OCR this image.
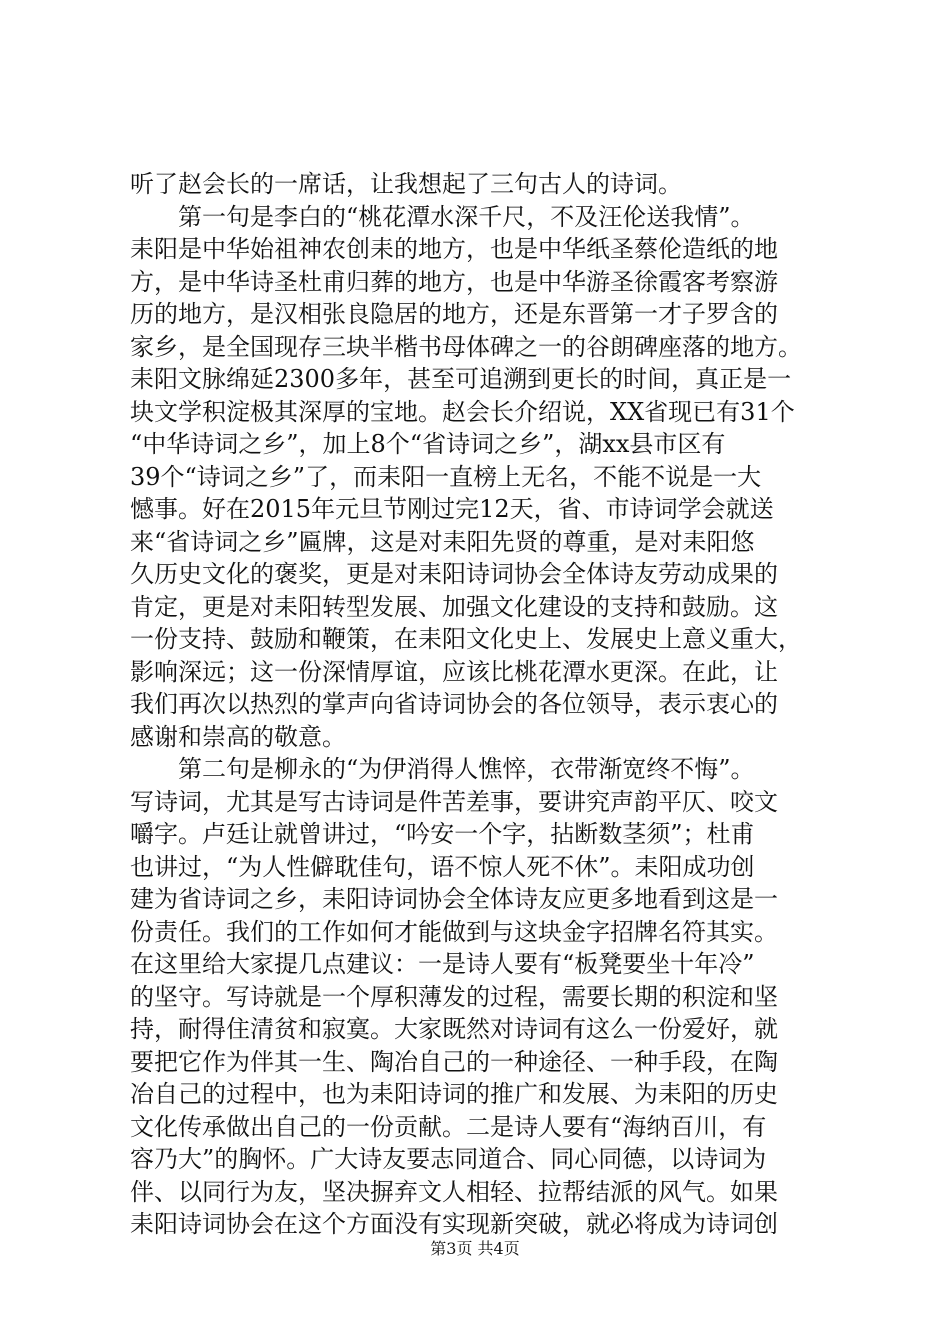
听了赵会长的一席话，让我想起了三句古人的诗词。
　　第一句是李白的“桃花潭水深千尺，不及汪伦送我情”。
耒阳是中华始祖神农创耒的地方，也是中华纸圣蔡伦造纸的地
方，是中华诗圣杜甫归葬的地方，也是中华游圣徐霞客考察游
历的地方，是汉相张良隐居的地方，还是东晋第一才子罗含的
家乡，是全国现存三块半楷书母体碑之一的谷朗碑座落的地方。
耒阳文脉绵延2300多年，甚至可追溯到更长的时间，真正是一
块文学积淀极其深厚的宝地。赵会长介绍说，XX省现已有31个
“中华诗词之乡”，加上8个“省诗词之乡”，湖xx县市区有
39个“诗词之乡”了，而耒阳一直榜上无名，不能不说是一大
憾事。好在2015年元旦节刚过完12天，省、市诗词学会就送
来“省诗词之乡”匾牌，这是对耒阳先贤的尊重，是对耒阳悠
久历史文化的褒奖，更是对耒阳诗词协会全体诗友劳动成果的
肯定，更是对耒阳转型发展、加强文化建设的支持和鼓励。这
一份支持、鼓励和鞭策，在耒阳文化史上、发展史上意义重大，
影响深远；这一份深情厚谊，应该比桃花潭水更深。在此，让
我们再次以热烈的掌声向省诗词协会的各位领导，表示衷心的
感谢和崇高的敬意。
　　第二句是柳永的“为伊消得人憔悴，衣带渐宽终不悔”。
写诗词，尤其是写古诗词是件苦差事，要讲究声韵平仄、咬文
嚼字。卢廷让就曾讲过，“吟安一个字，拈断数茎须”；杜甫
也讲过，“为人性僻耽佳句，语不惊人死不休”。耒阳成功创
建为省诗词之乡，耒阳诗词协会全体诗友应更多地看到这是一
份责任。我们的工作如何才能做到与这块金字招牌名符其实。
在这里给大家提几点建议：一是诗人要有“板凳要坐十年冷”
的坚守。写诗就是一个厚积薄发的过程，需要长期的积淀和坚
持，耐得住清贫和寂寞。大家既然对诗词有这么一份爱好，就
要把它作为伴其一生、陶冶自己的一种途径、一种手段，在陶
冶自己的过程中，也为耒阳诗词的推广和发展、为耒阳的历史
文化传承做出自己的一份贡献。二是诗人要有“海纳百川，有
容乃大”的胸怀。广大诗友要志同道合、同心同德，以诗词为
伴、以同行为友，坚决摒弃文人相轻、拉帮结派的风气。如果
耒阳诗词协会在这个方面没有实现新突破，就必将成为诗词创
第3页 共4页
